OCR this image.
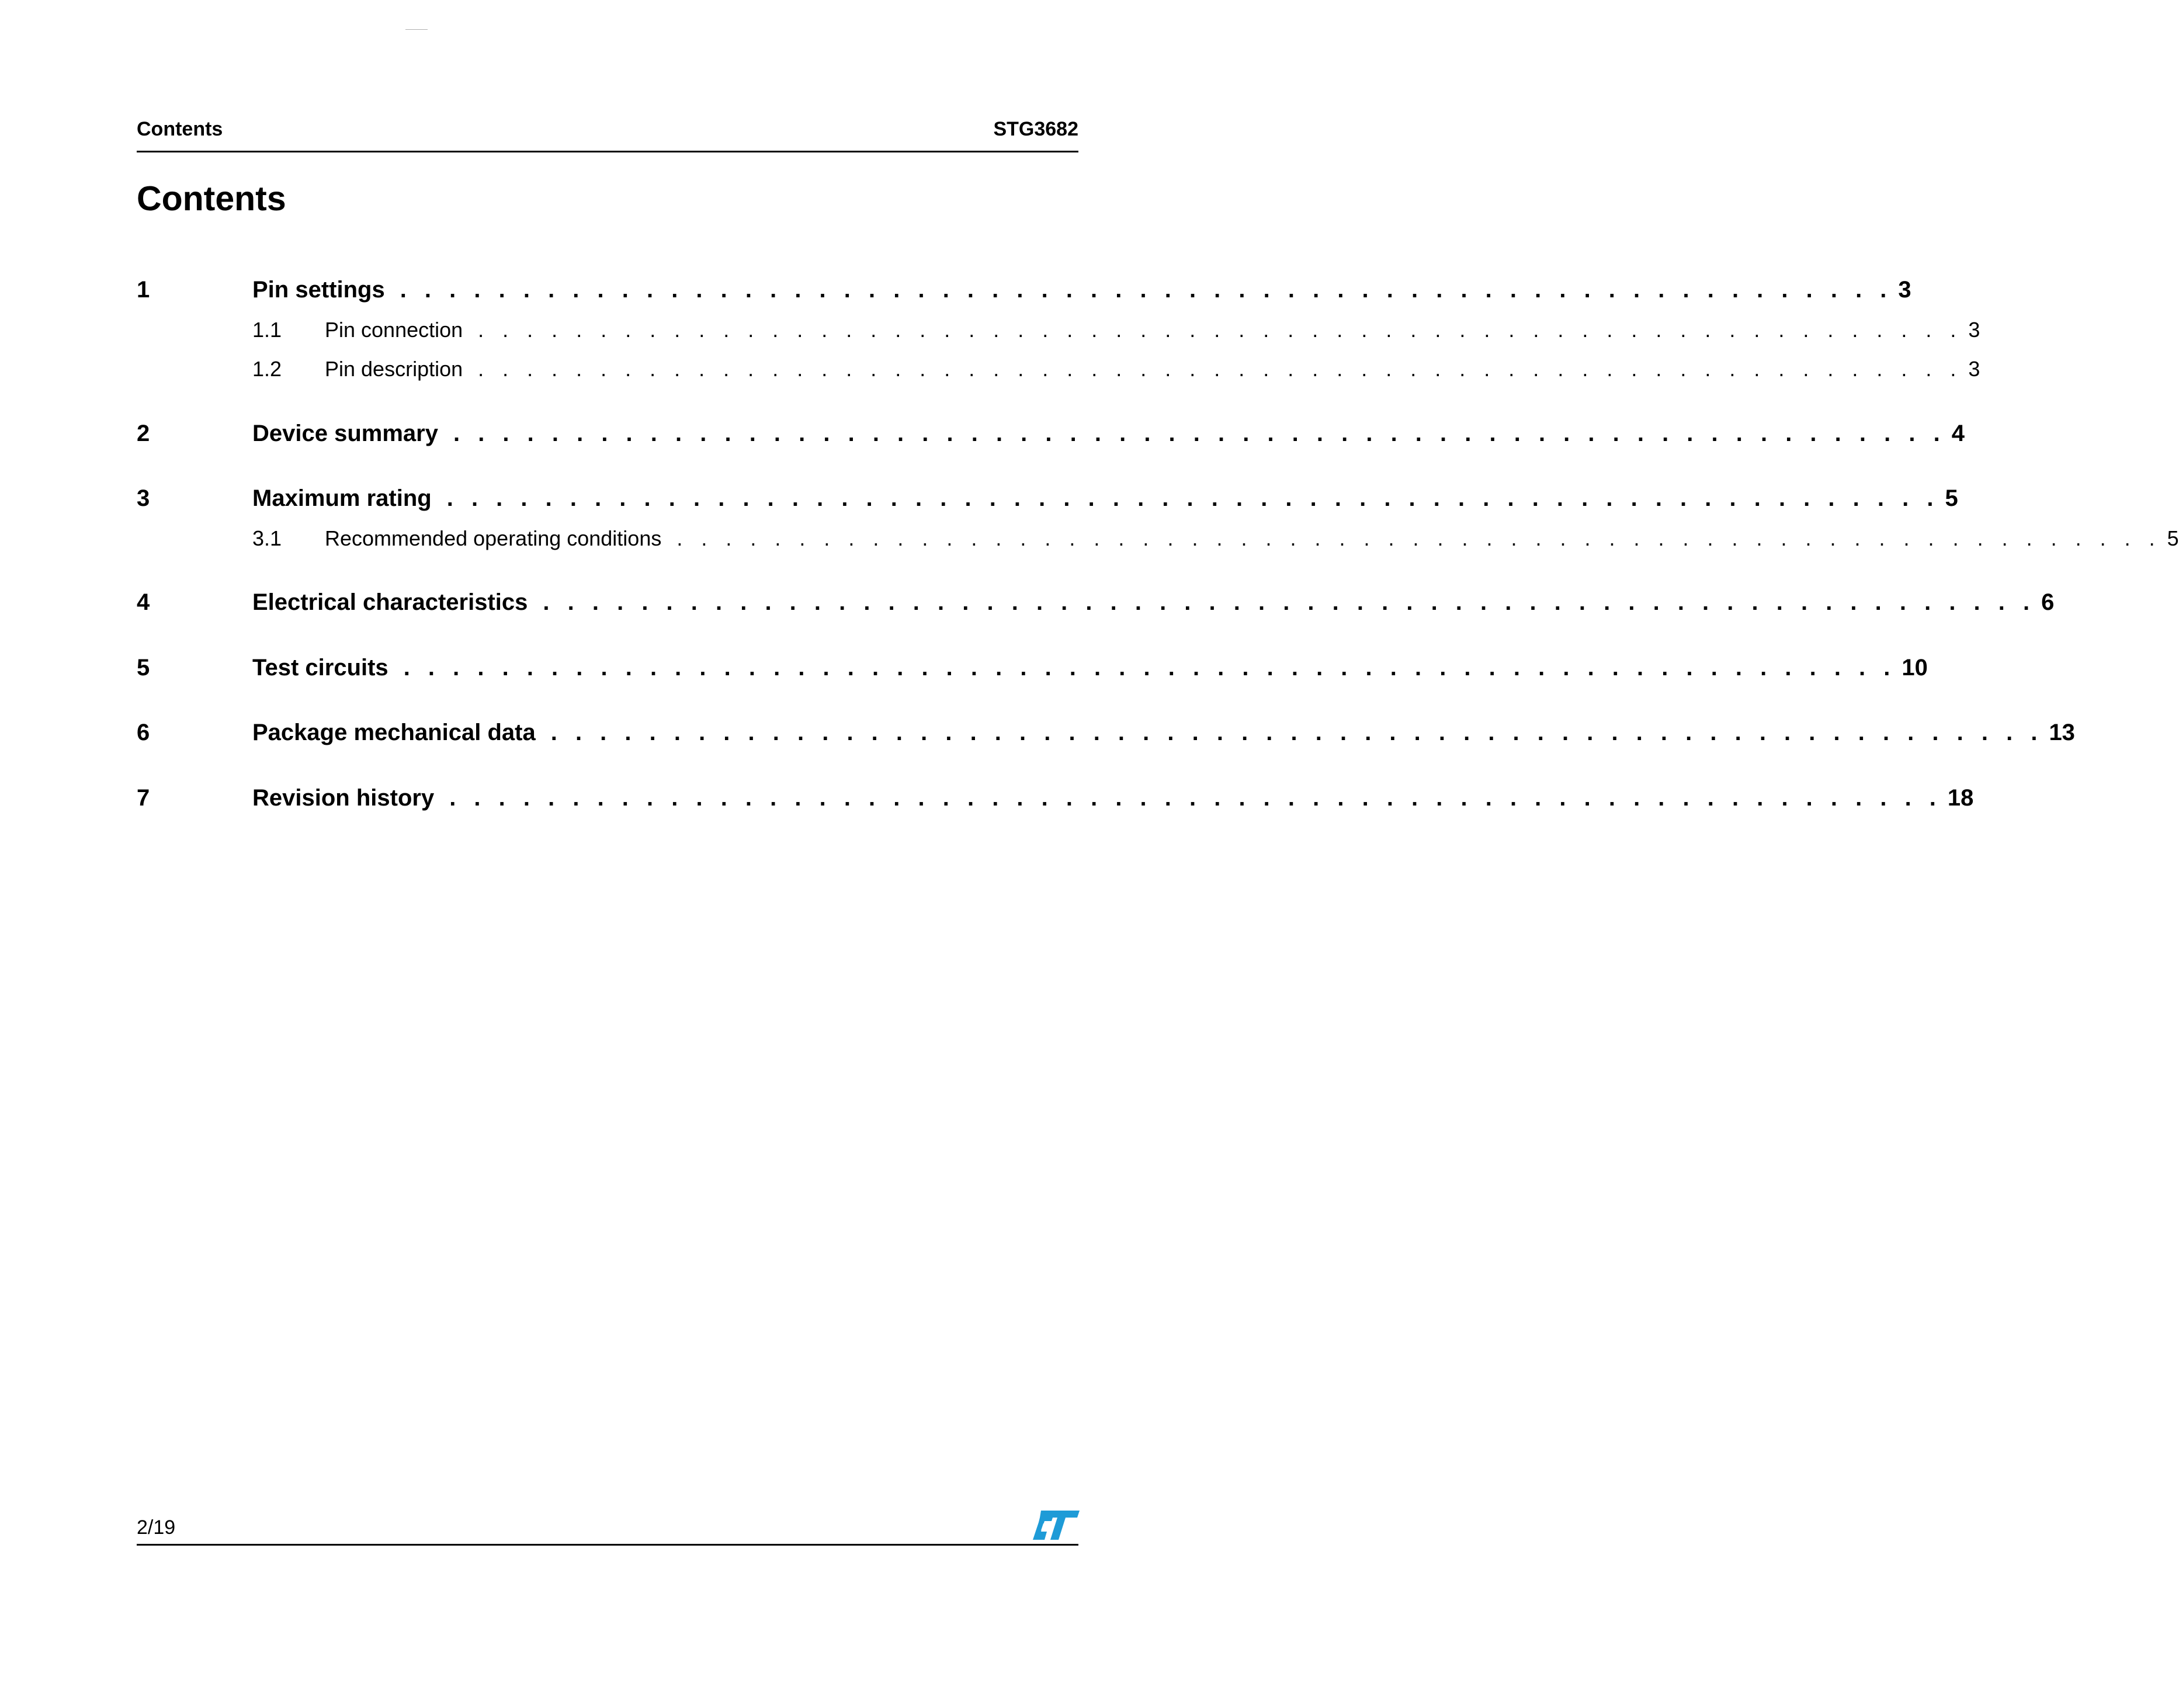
Contents	STG3682
Contents
1	Pin settings . . . . . . . . . . . . . . . . . . . . . . . . . . . . . . . . . . . . . . . . . . . . . . . . . . . . . . . . . . . . . 3
1.1	Pin connection . . . . . . . . . . . . . . . . . . . . . . . . . . . . . . . . . . . . . . . . . . . . . . . . . . . . . . . . . . . . . 3
1.2	Pin description . . . . . . . . . . . . . . . . . . . . . . . . . . . . . . . . . . . . . . . . . . . . . . . . . . . . . . . . . . . . . 3
2	Device summary . . . . . . . . . . . . . . . . . . . . . . . . . . . . . . . . . . . . . . . . . . . . . . . . . . . . . . . . . . . . . 4
3	Maximum rating . . . . . . . . . . . . . . . . . . . . . . . . . . . . . . . . . . . . . . . . . . . . . . . . . . . . . . . . . . . . . 5
3.1	Recommended operating conditions . . . . . . . . . . . . . . . . . . . . . . . . . . . . . . . . . . . . . . . . . . . . . . . . . . . . . . . . . . . . . 5
4	Electrical characteristics . . . . . . . . . . . . . . . . . . . . . . . . . . . . . . . . . . . . . . . . . . . . . . . . . . . . . . . . . . . . . 6
5	Test circuits . . . . . . . . . . . . . . . . . . . . . . . . . . . . . . . . . . . . . . . . . . . . . . . . . . . . . . . . . . . . . 10
6	Package mechanical data . . . . . . . . . . . . . . . . . . . . . . . . . . . . . . . . . . . . . . . . . . . . . . . . . . . . . . . . . . . . . 13
7	Revision history . . . . . . . . . . . . . . . . . . . . . . . . . . . . . . . . . . . . . . . . . . . . . . . . . . . . . . . . . . . . . 18
2/19
